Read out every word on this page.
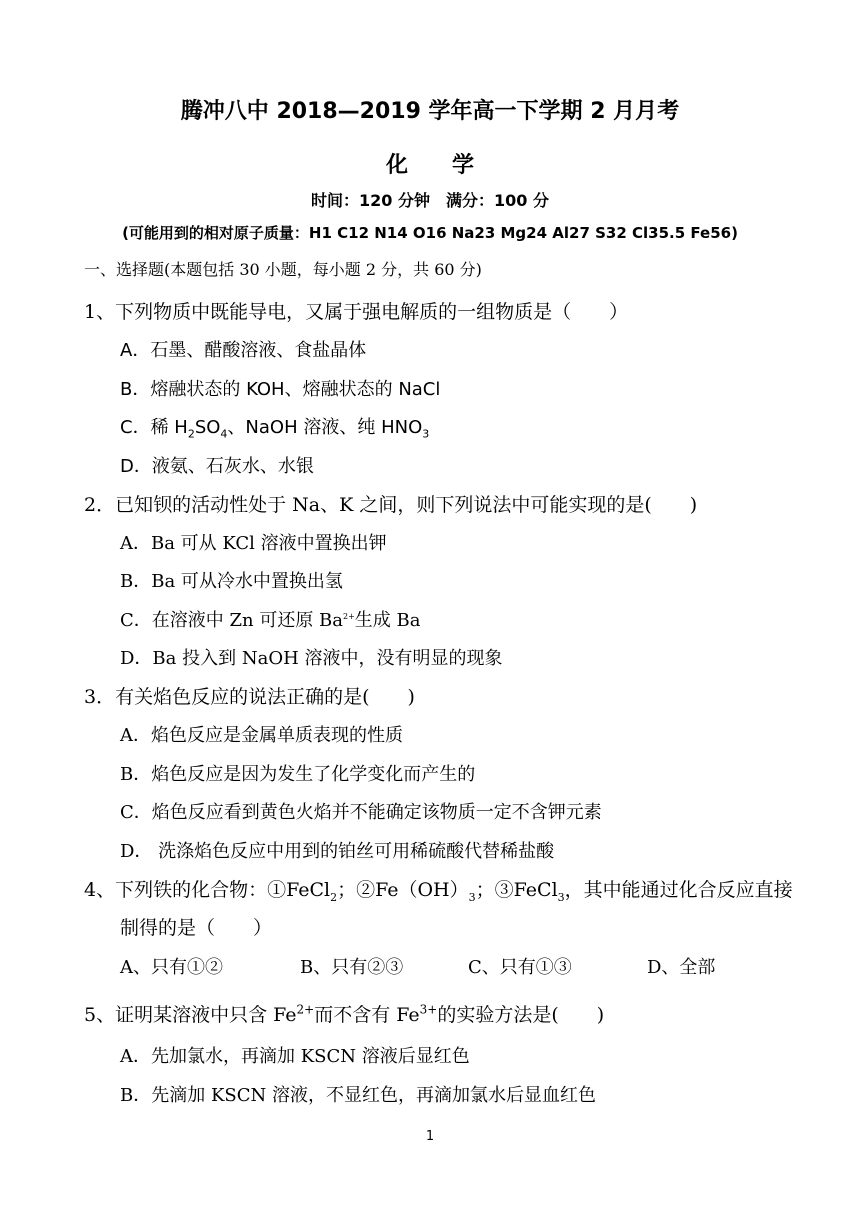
腾冲八中 2018—2019 学年高一下学期 2 月月考
化　　学
时间：120 分钟　满分：100 分
(可能用到的相对原子质量：H1 C12 N14 O16 Na23 Mg24 Al27 S32 Cl35.5 Fe56)
一、选择题(本题包括 30 小题，每小题 2 分，共 60 分)
1、下列物质中既能导电，又属于强电解质的一组物质是（　　）
A．石墨、醋酸溶液、食盐晶体
B．熔融状态的 KOH、熔融状态的 NaCl
C．稀 $H_2SO_4$、NaOH 溶液、纯 $HNO_3$
D．液氨、石灰水、水银
2．已知钡的活动性处于 Na、K 之间，则下列说法中可能实现的是(　　)
A．Ba 可从 KCl 溶液中置换出钾
B．Ba 可从冷水中置换出氢
C．在溶液中 Zn 可还原 $Ba^{2+}$生成 Ba
D．Ba 投入到 NaOH 溶液中，没有明显的现象
3．有关焰色反应的说法正确的是(　　)
A．焰色反应是金属单质表现的性质
B．焰色反应是因为发生了化学变化而产生的
C．焰色反应看到黄色火焰并不能确定该物质一定不含钾元素
D． 洗涤焰色反应中用到的铂丝可用稀硫酸代替稀盐酸
4、下列铁的化合物：①FeCl$_2$；$②Fe(OH)_3$；③FeCl$_3$，其中能通过化合反应直接
制得的是（　　）
A、只有①②	B、只有②③	C、只有①③	D、全部
5、证明某溶液中只含 $Fe^{2+}$而不含有 $Fe^{3+}$的实验方法是(　　)
A．先加氯水，再滴加 KSCN 溶液后显红色
B．先滴加 KSCN 溶液，不显红色，再滴加氯水后显血红色
1
